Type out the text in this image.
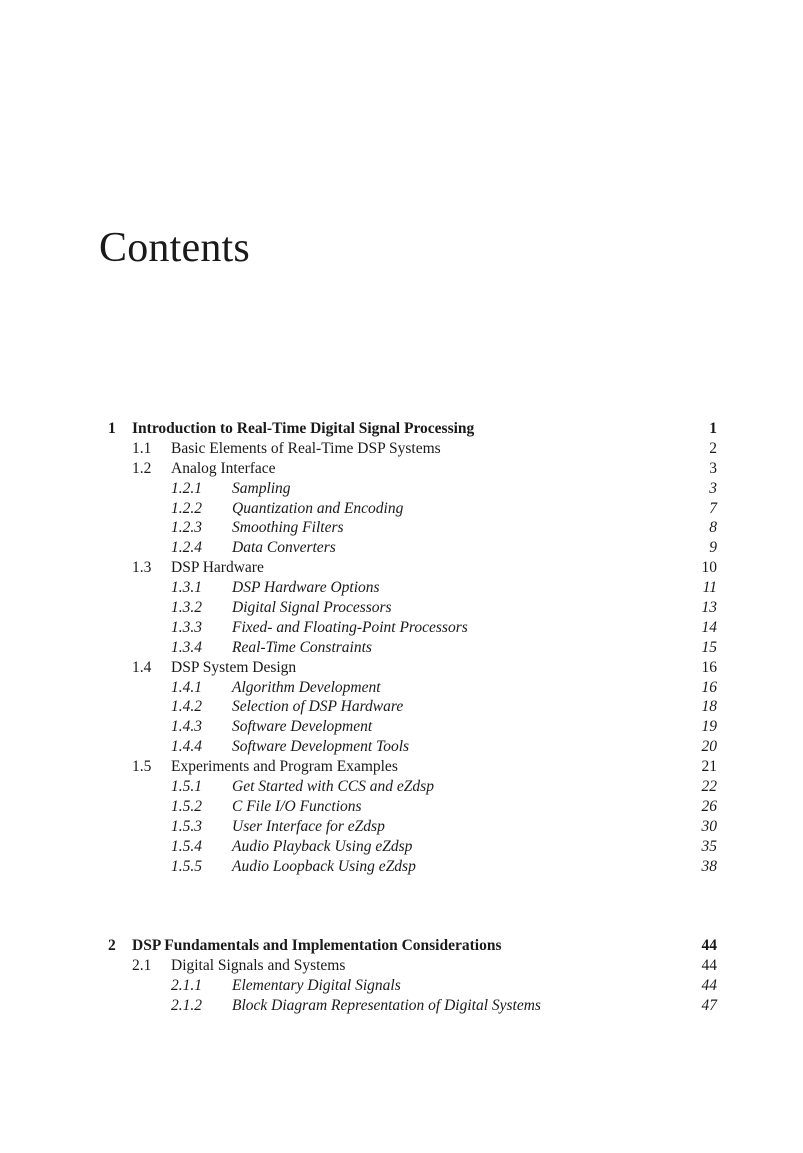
Contents
1 Introduction to Real-Time Digital Signal Processing	1
1.1 Basic Elements of Real-Time DSP Systems	2
1.2 Analog Interface	3
1.2.1 Sampling	3
1.2.2 Quantization and Encoding	7
1.2.3 Smoothing Filters	8
1.2.4 Data Converters	9
1.3 DSP Hardware	10
1.3.1 DSP Hardware Options	11
1.3.2 Digital Signal Processors	13
1.3.3 Fixed- and Floating-Point Processors	14
1.3.4 Real-Time Constraints	15
1.4 DSP System Design	16
1.4.1 Algorithm Development	16
1.4.2 Selection of DSP Hardware	18
1.4.3 Software Development	19
1.4.4 Software Development Tools	20
1.5 Experiments and Program Examples	21
1.5.1 Get Started with CCS and eZdsp	22
1.5.2 C File I/O Functions	26
1.5.3 User Interface for eZdsp	30
1.5.4 Audio Playback Using eZdsp	35
1.5.5 Audio Loopback Using eZdsp	38
2 DSP Fundamentals and Implementation Considerations	44
2.1 Digital Signals and Systems	44
2.1.1 Elementary Digital Signals	44
2.1.2 Block Diagram Representation of Digital Systems	47
